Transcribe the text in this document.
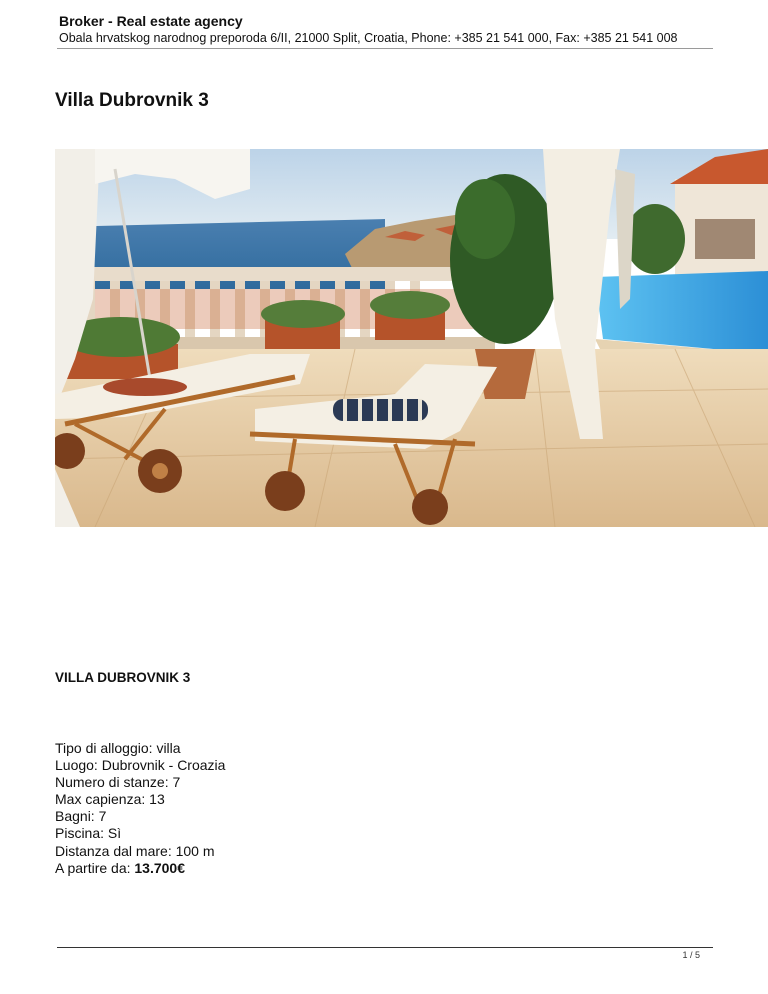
Broker - Real estate agency
Obala hrvatskog narodnog preporoda 6/II, 21000 Split, Croatia, Phone: +385 21 541 000, Fax: +385 21 541 008
Villa Dubrovnik 3
VILLA DUBROVNIK 3
Tipo di alloggio: villa
Luogo: Dubrovnik - Croazia
Numero di stanze: 7
Max capienza: 13
Bagni: 7
Piscina: Sì
Distanza dal mare: 100 m
A partire da: 13.700€
1 / 5
